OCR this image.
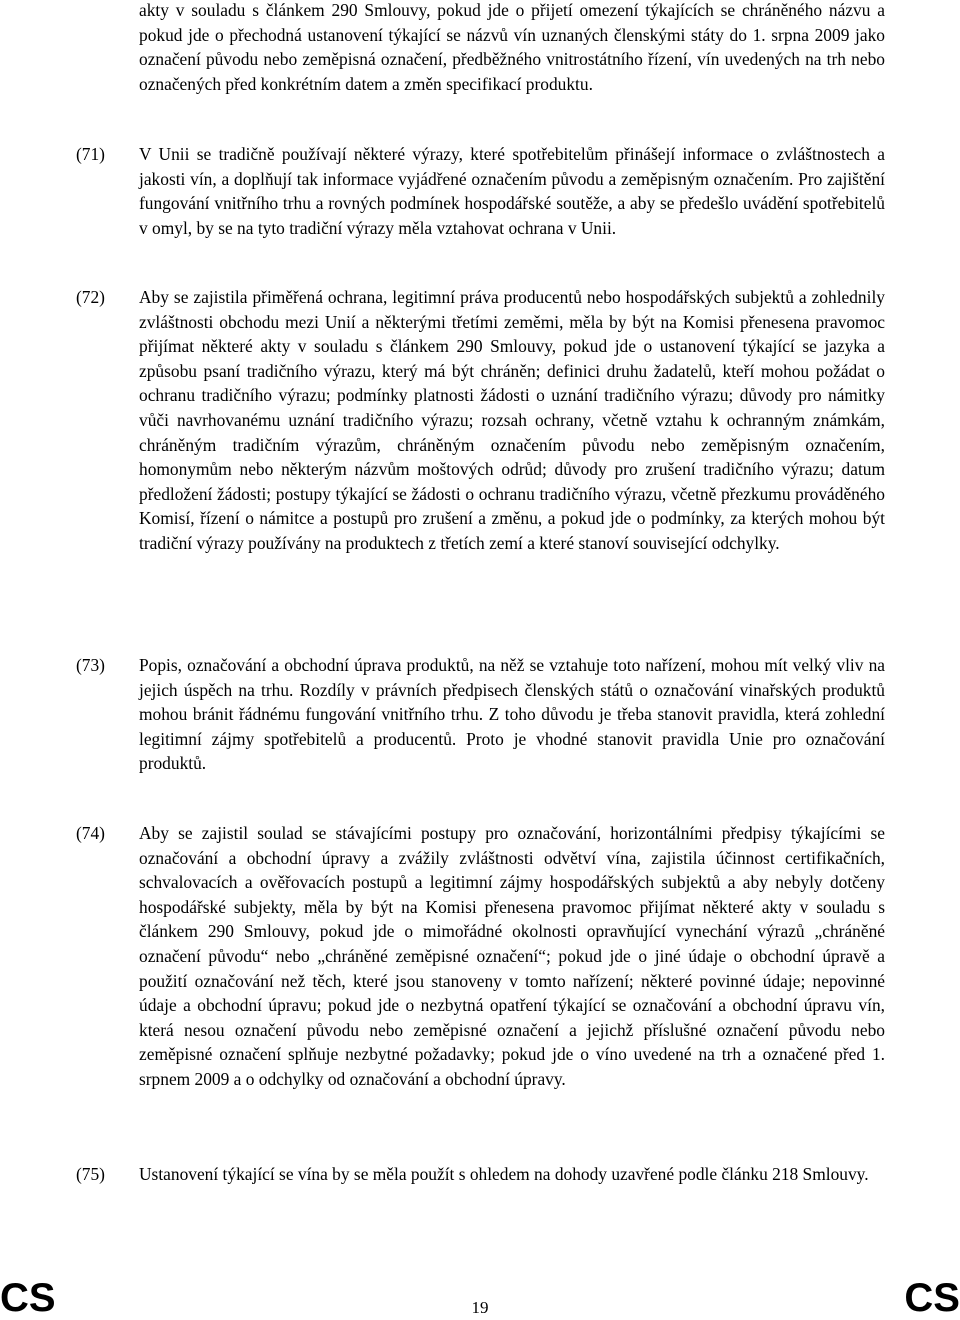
akty v souladu s článkem 290 Smlouvy, pokud jde o přijetí omezení týkajících se chráněného názvu a pokud jde o přechodná ustanovení týkající se názvů vín uznaných členskými státy do 1. srpna 2009 jako označení původu nebo zeměpisná označení, předběžného vnitrostátního řízení, vín uvedených na trh nebo označených před konkrétním datem a změn specifikací produktu.

(71)	V Unii se tradičně používají některé výrazy, které spotřebitelům přinášejí informace o zvláštnostech a jakosti vín, a doplňují tak informace vyjádřené označením původu a zeměpisným označením. Pro zajištění fungování vnitřního trhu a rovných podmínek hospodářské soutěže, a aby se předešlo uvádění spotřebitelů v omyl, by se na tyto tradiční výrazy měla vztahovat ochrana v Unii.

(72)	Aby se zajistila přiměřená ochrana, legitimní práva producentů nebo hospodářských subjektů a zohlednily zvláštnosti obchodu mezi Unií a některými třetími zeměmi, měla by být na Komisi přenesena pravomoc přijímat některé akty v souladu s článkem 290 Smlouvy, pokud jde o ustanovení týkající se jazyka a způsobu psaní tradičního výrazu, který má být chráněn; definici druhu žadatelů, kteří mohou požádat o ochranu tradičního výrazu; podmínky platnosti žádosti o uznání tradičního výrazu; důvody pro námitky vůči navrhovanému uznání tradičního výrazu; rozsah ochrany, včetně vztahu k ochranným známkám, chráněným tradičním výrazům, chráněným označením původu nebo zeměpisným označením, homonymům nebo některým názvům moštových odrůd; důvody pro zrušení tradičního výrazu; datum předložení žádosti; postupy týkající se žádosti o ochranu tradičního výrazu, včetně přezkumu prováděného Komisí, řízení o námitce a postupů pro zrušení a změnu, a pokud jde o podmínky, za kterých mohou být tradiční výrazy používány na produktech z třetích zemí a které stanoví související odchylky.

(73)	Popis, označování a obchodní úprava produktů, na něž se vztahuje toto nařízení, mohou mít velký vliv na jejich úspěch na trhu. Rozdíly v právních předpisech členských států o označování vinařských produktů mohou bránit řádnému fungování vnitřního trhu. Z toho důvodu je třeba stanovit pravidla, která zohlední legitimní zájmy spotřebitelů a producentů. Proto je vhodné stanovit pravidla Unie pro označování produktů.

(74)	Aby se zajistil soulad se stávajícími postupy pro označování, horizontálními předpisy týkajícími se označování a obchodní úpravy a zvážily zvláštnosti odvětví vína, zajistila účinnost certifikačních, schvalovacích a ověřovacích postupů a legitimní zájmy hospodářských subjektů a aby nebyly dotčeny hospodářské subjekty, měla by být na Komisi přenesena pravomoc přijímat některé akty v souladu s článkem 290 Smlouvy, pokud jde o mimořádné okolnosti opravňující vynechání výrazů „chráněné označení původu“ nebo „chráněné zeměpisné označení“; pokud jde o jiné údaje o obchodní úpravě a použití označování než těch, které jsou stanoveny v tomto nařízení; některé povinné údaje; nepovinné údaje a obchodní úpravu; pokud jde o nezbytná opatření týkající se označování a obchodní úpravu vín, která nesou označení původu nebo zeměpisné označení a jejichž příslušné označení původu nebo zeměpisné označení splňuje nezbytné požadavky; pokud jde o víno uvedené na trh a označené před 1. srpnem 2009 a o odchylky od označování a obchodní úpravy.

(75)	Ustanovení týkající se vína by se měla použít s ohledem na dohody uzavřené podle článku 218 Smlouvy.

CS	19	CS
